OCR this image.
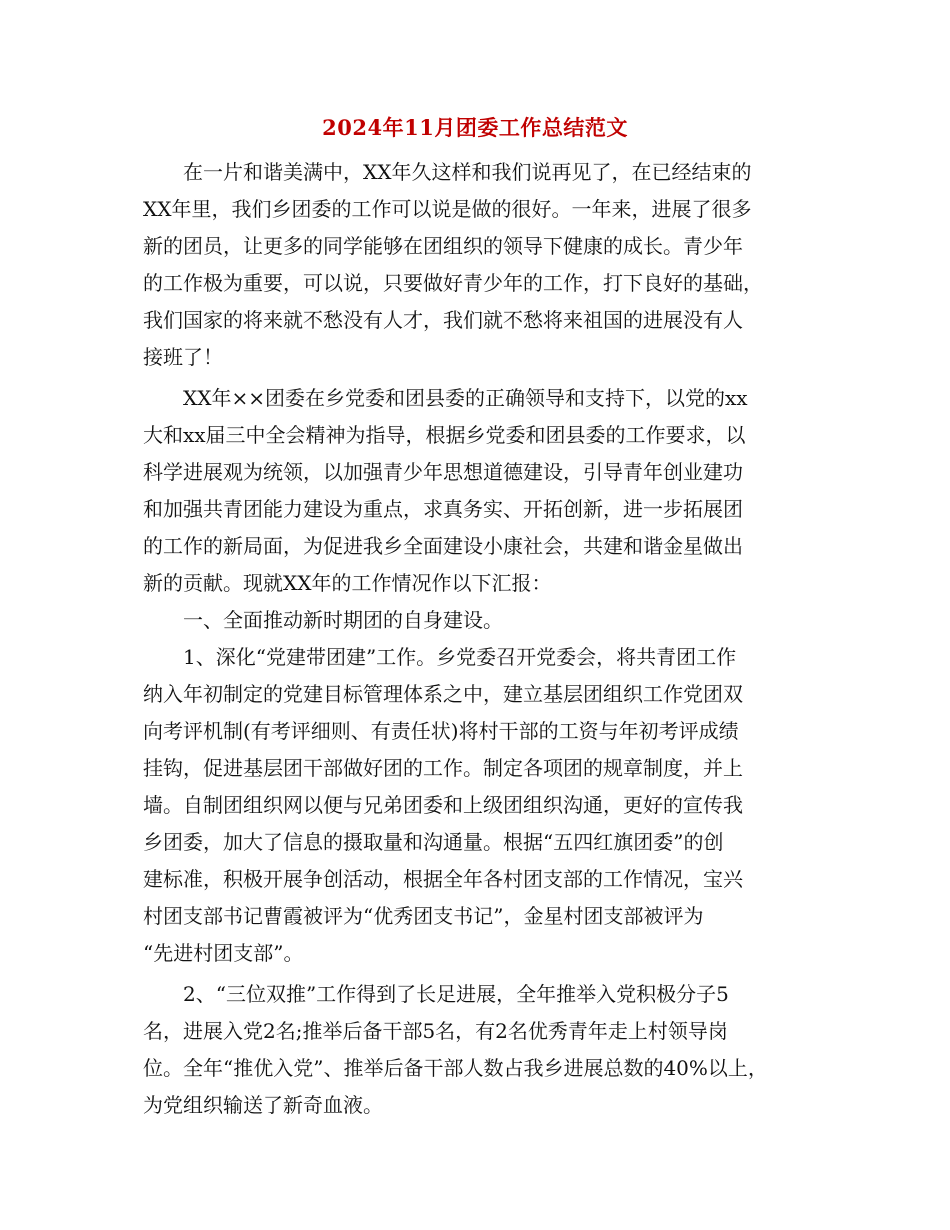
2024年11月团委工作总结范文
在一片和谐美满中，XX年久这样和我们说再见了，在已经结束的
XX年里，我们乡团委的工作可以说是做的很好。一年来，进展了很多
新的团员，让更多的同学能够在团组织的领导下健康的成长。青少年
的工作极为重要，可以说，只要做好青少年的工作，打下良好的基础，
我们国家的将来就不愁没有人才，我们就不愁将来祖国的进展没有人
接班了！
XX年××团委在乡党委和团县委的正确领导和支持下，以党的xx
大和xx届三中全会精神为指导，根据乡党委和团县委的工作要求，以
科学进展观为统领，以加强青少年思想道德建设，引导青年创业建功
和加强共青团能力建设为重点，求真务实、开拓创新，进一步拓展团
的工作的新局面，为促进我乡全面建设小康社会，共建和谐金星做出
新的贡献。现就XX年的工作情况作以下汇报：
一、全面推动新时期团的自身建设。
1、深化“党建带团建”工作。乡党委召开党委会，将共青团工作
纳入年初制定的党建目标管理体系之中，建立基层团组织工作党团双
向考评机制(有考评细则、有责任状)将村干部的工资与年初考评成绩
挂钩，促进基层团干部做好团的工作。制定各项团的规章制度，并上
墙。自制团组织网以便与兄弟团委和上级团组织沟通，更好的宣传我
乡团委，加大了信息的摄取量和沟通量。根据“五四红旗团委”的创
建标准，积极开展争创活动，根据全年各村团支部的工作情况，宝兴
村团支部书记曹霞被评为“优秀团支书记”，金星村团支部被评为
“先进村团支部”。
2、“三位双推”工作得到了长足进展，全年推举入党积极分子5
名，进展入党2名;推举后备干部5名，有2名优秀青年走上村领导岗
位。全年“推优入党”、推举后备干部人数占我乡进展总数的40%以上，
为党组织输送了新奇血液。
